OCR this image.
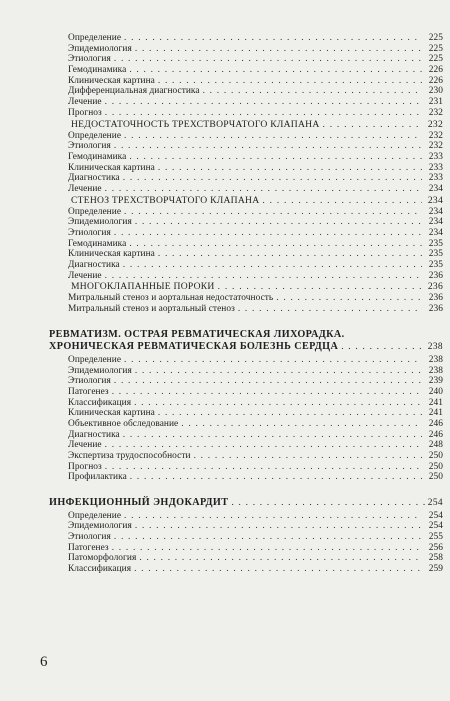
Определение . . .	225
Эпидемиология . . .	225
Этиология . . .	225
Гемодинамика . . .	226
Клиническая картина . . .	226
Дифференциальная диагностика . . .	230
Лечение . . .	231
Прогноз . . .	232
НЕДОСТАТОЧНОСТЬ ТРЕХСТВОРЧАТОГО КЛАПАНА . . .	232
Определение . . .	232
Этиология . . .	232
Гемодинамика . . .	233
Клиническая картина . . .	233
Диагностика . . .	233
Лечение . . .	234
СТЕНОЗ ТРЕХСТВОРЧАТОГО КЛАПАНА . . .	234
Определение . . .	234
Эпидемиология . . .	234
Этиология . . .	234
Гемодинамика . . .	235
Клиническая картина . . .	235
Диагностика . . .	235
Лечение . . .	236
МНОГОКЛАПАННЫЕ ПОРОКИ . . .	236
Митральный стеноз и аортальная недостаточность . . .	236
Митральный стеноз и аортальный стеноз . . .	236
РЕВМАТИЗМ. ОСТРАЯ РЕВМАТИЧЕСКАЯ ЛИХОРАДКА.
ХРОНИЧЕСКАЯ РЕВМАТИЧЕСКАЯ БОЛЕЗНЬ СЕРДЦА . . .	238
Определение . . .	238
Эпидемиология . . .	238
Этиология . . .	239
Патогенез . . .	240
Классификация . . .	241
Клиническая картина . . .	241
Объективное обследование . . .	246
Диагностика . . .	246
Лечение . . .	248
Экспертиза трудоспособности . . .	250
Прогноз . . .	250
Профилактика . . .	250
ИНФЕКЦИОННЫЙ ЭНДОКАРДИТ . . .	254
Определение . . .	254
Эпидемиология . . .	254
Этиология . . .	255
Патогенез . . .	256
Патоморфология . . .	258
Классификация . . .	259
6
